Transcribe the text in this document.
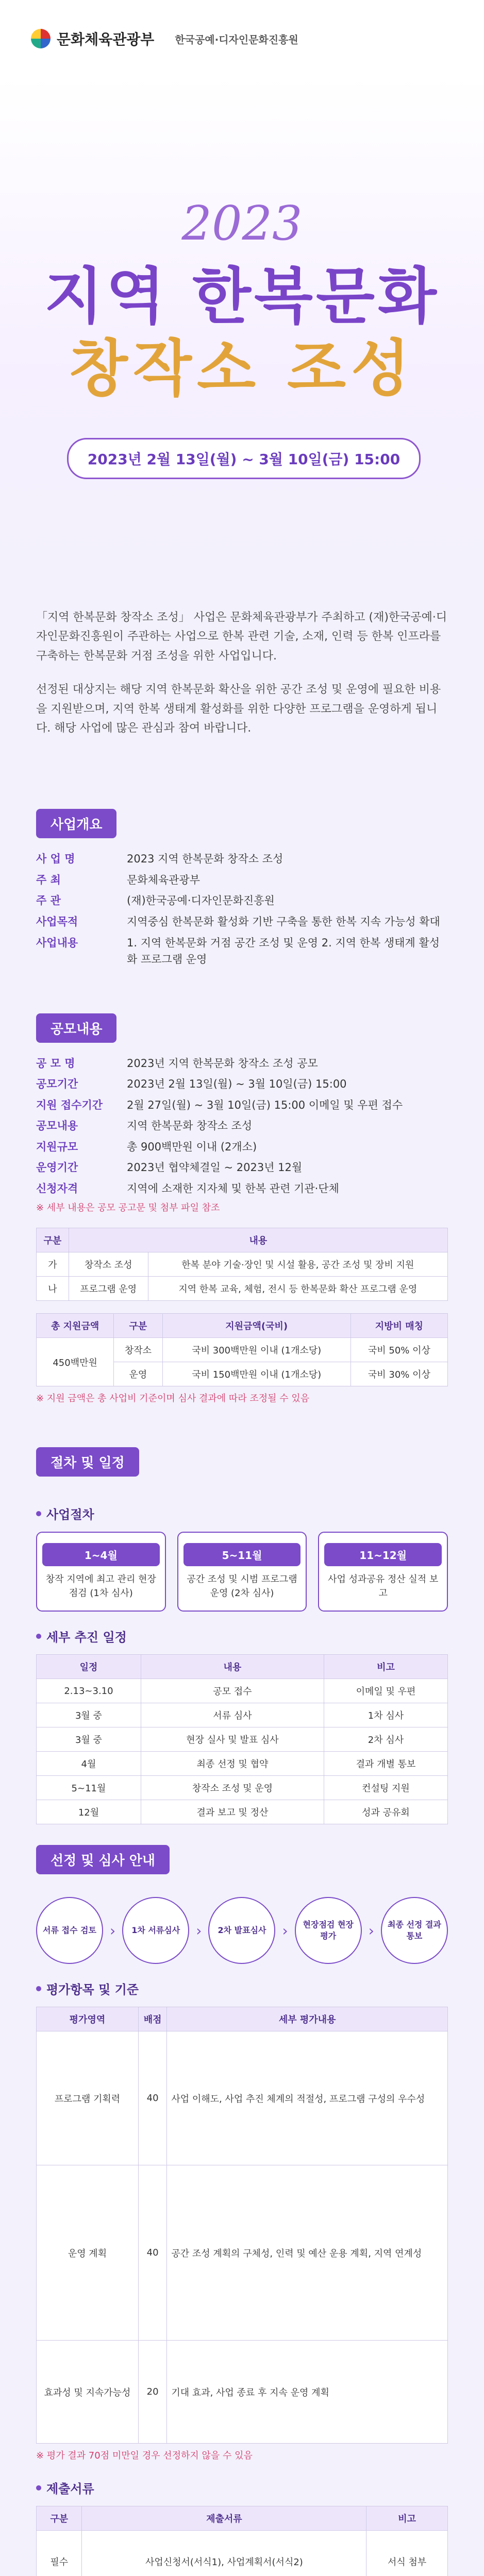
문화체육관광부 한국공예·디자인문화진흥원
2023
지역 한복문화
창작소 조성
2023년 2월 13일(월) ~ 3월 10일(금) 15:00

「지역 한복문화 창작소 조성」 사업은 문화체육관광부가 주최하고 (재)한국공예·디자인문화진흥원이 주관하는 사업으로 한복 관련 기술, 소재, 인력 등 한복 인프라를 구축하는 한복문화 거점 조성을 위한 사업입니다.

선정된 대상지는 해당 지역 한복문화 확산을 위한 공간 조성 및 운영에 필요한 비용을 지원받으며, 지역 한복 생태계 활성화를 위한 다양한 프로그램을 운영하게 됩니다. 해당 사업에 많은 관심과 참여 바랍니다.

사업개요
사 업 명	2023 지역 한복문화 창작소 조성
주 최	문화체육관광부
주 관	(재)한국공예·디자인문화진흥원
사업목적	지역중심 한복문화 활성화 기반 구축을 통한 한복 지속 가능성 확대
사업내용	1. 지역 한복문화 거점 공간 조성 및 운영 2. 지역 한복 생태계 활성화 프로그램 운영
공모내용
공 모 명	2023년 지역 한복문화 창작소 조성 공모
공모기간	2023년 2월 13일(월) ~ 3월 10일(금) 15:00
지원 접수기간	2월 27일(월) ~ 3월 10일(금) 15:00 이메일 및 우편 접수
공모내용	지역 한복문화 창작소 조성
지원규모	총 900백만원 이내 (2개소)
운영기간	2023년 협약체결일 ~ 2023년 12월
신청자격	지역에 소재한 지자체 및 한복 관련 기관·단체
※ 세부 내용은 공모 공고문 및 첨부 파일 참조
구분	내용	
가	창작소 조성	한복 분야 기술·장인 및 시설 활용, 공간 조성 및 장비 지원
나	프로그램 운영	지역 한복 교육, 체험, 전시 등 한복문화 확산 프로그램 운영
총 지원금액	구분	지원금액(국비)	지방비 매칭
450백만원	창작소	국비 300백만원 이내 (1개소당)	국비 50% 이상
	운영	국비 150백만원 이내 (1개소당)	국비 30% 이상
※ 지원 금액은 총 사업비 기준이며 심사 결과에 따라 조정될 수 있음
절차 및 일정
사업절차
1~4월
창작 지역에 최고 관리 현장점검 (1차 심사)
5~11월
공간 조성 및 시범 프로그램 운영 (2차 심사)
11~12월
사업 성과공유 정산 실적 보고
세부 추진 일정
일정	내용	비고
2.13~3.10	공모 접수	이메일 및 우편
3월 중	서류 심사	1차 심사
3월 중	현장 실사 및 발표 심사	2차 심사
4월	최종 선정 및 협약	결과 개별 통보
5~11월	창작소 조성 및 운영	컨설팅 지원
12월	결과 보고 및 정산	성과 공유회
선정 및 심사 안내
서류 접수 검토 ›	1차 서류심사	›	2차 발표심사	›	현장점검 현장 평가	›	최종 선정 결과 통보
평가항목 및 기준
평가영역	배점	세부 평가내용
프로그램 기획력	40	사업 이해도, 사업 추진 체계의 적절성, 프로그램 구성의 우수성
운영 계획	40	공간 조성 계획의 구체성, 인력 및 예산 운용 계획, 지역 연계성
효과성 및 지속가능성	20	기대 효과, 사업 종료 후 지속 운영 계획
※ 평가 결과 70점 미만일 경우 선정하지 않을 수 있음
제출서류
구분	제출서류	비고
필수	사업신청서(서식1), 사업계획서(서식2)	서식 첨부
